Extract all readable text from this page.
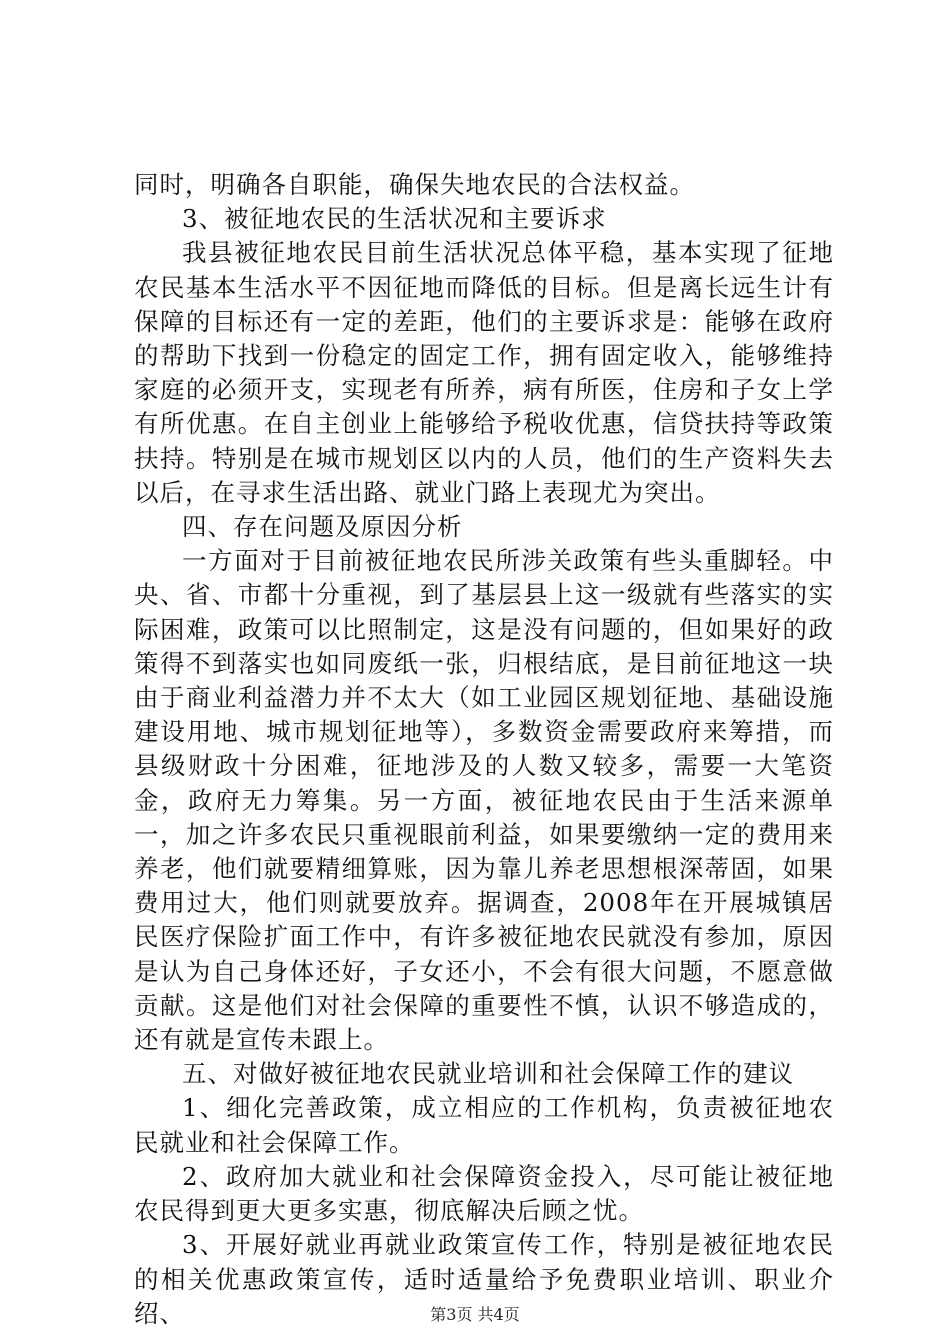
同时，明确各自职能，确保失地农民的合法权益。

3、被征地农民的生活状况和主要诉求

我县被征地农民目前生活状况总体平稳，基本实现了征地农民基本生活水平不因征地而降低的目标。但是离长远生计有保障的目标还有一定的差距，他们的主要诉求是：能够在政府的帮助下找到一份稳定的固定工作，拥有固定收入，能够维持家庭的必须开支，实现老有所养，病有所医，住房和子女上学有所优惠。在自主创业上能够给予税收优惠，信贷扶持等政策扶持。特别是在城市规划区以内的人员，他们的生产资料失去以后，在寻求生活出路、就业门路上表现尤为突出。

四、存在问题及原因分析

一方面对于目前被征地农民所涉关政策有些头重脚轻。中央、省、市都十分重视，到了基层县上这一级就有些落实的实际困难，政策可以比照制定，这是没有问题的，但如果好的政策得不到落实也如同废纸一张，归根结底，是目前征地这一块由于商业利益潜力并不太大（如工业园区规划征地、基础设施建设用地、城市规划征地等），多数资金需要政府来筹措，而县级财政十分困难，征地涉及的人数又较多，需要一大笔资金，政府无力筹集。另一方面，被征地农民由于生活来源单一，加之许多农民只重视眼前利益，如果要缴纳一定的费用来养老，他们就要精细算账，因为靠儿养老思想根深蒂固，如果费用过大，他们则就要放弃。据调查，2008年在开展城镇居民医疗保险扩面工作中，有许多被征地农民就没有参加，原因是认为自己身体还好，子女还小，不会有很大问题，不愿意做贡献。这是他们对社会保障的重要性不慎，认识不够造成的，还有就是宣传未跟上。

五、对做好被征地农民就业培训和社会保障工作的建议

1、细化完善政策，成立相应的工作机构，负责被征地农民就业和社会保障工作。

2、政府加大就业和社会保障资金投入，尽可能让被征地农民得到更大更多实惠，彻底解决后顾之忧。

3、开展好就业再就业政策宣传工作，特别是被征地农民的相关优惠政策宣传，适时适量给予免费职业培训、职业介绍、	第3页 共4页
